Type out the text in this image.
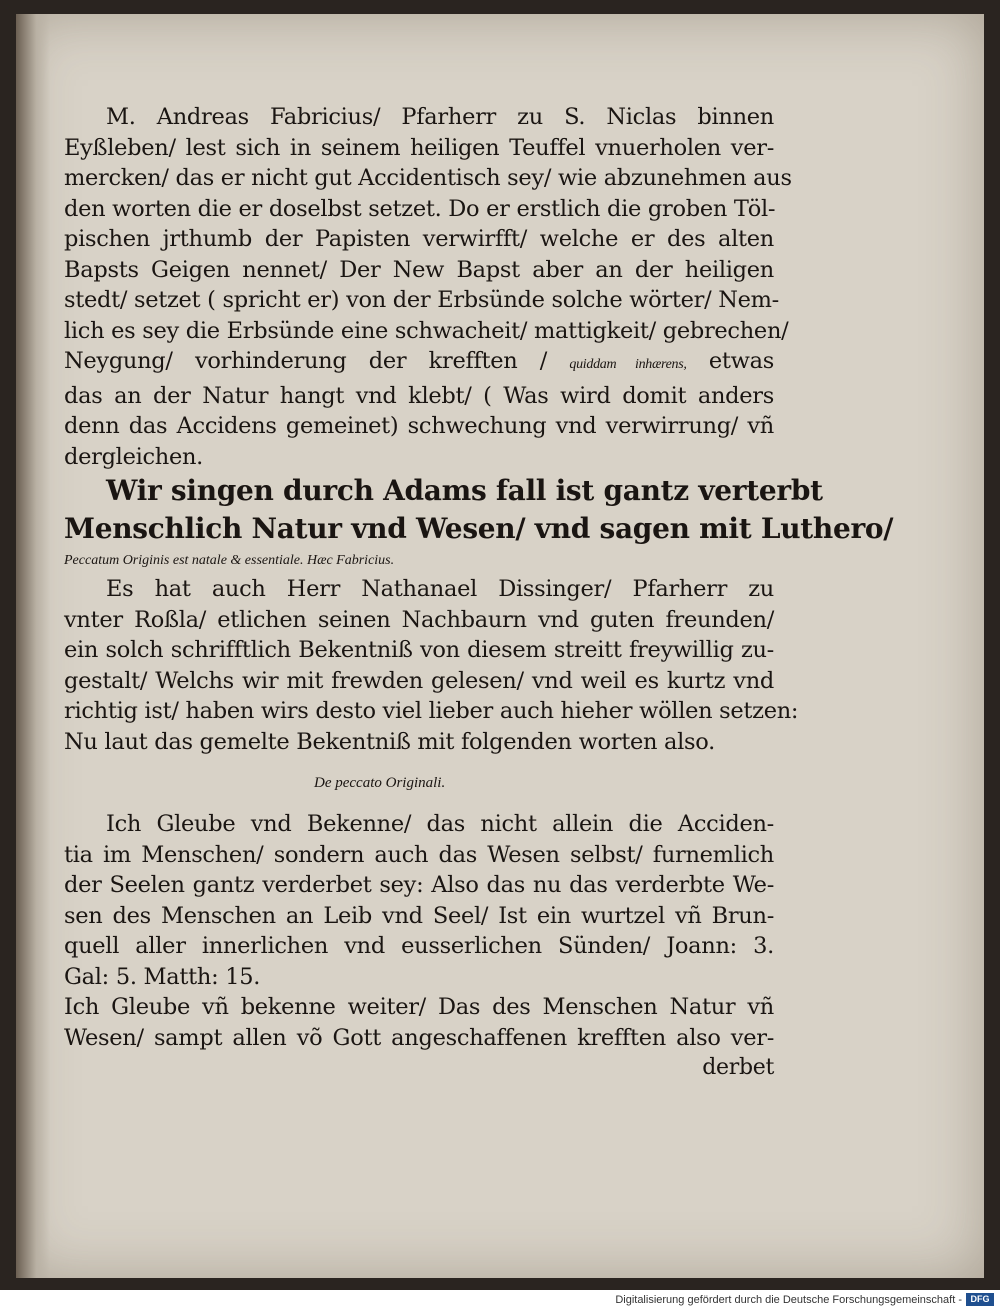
M. Andreas Fabricius/ Pfarherr zu S. Niclas binnen
Eyßleben/ lest sich in seinem heiligen Teuffel vnuerholen ver-
mercken/ das er nicht gut Accidentisch sey/ wie abzunehmen aus
den worten die er doselbst setzet. Do er erstlich die groben Töl-
pischen jrthumb der Papisten verwirfft/ welche er des alten
Bapsts Geigen nennet/ Der New Bapst aber an der heiligen
stedt/ setzet ( spricht er) von der Erbsünde solche wörter/ Nem-
lich es sey die Erbsünde eine schwacheit/ mattigkeit/ gebrechen/
Neygung/ vorhinderung der krefften / quiddam inhærens, etwas
das an der Natur hangt vnd klebt/ ( Was wird domit anders
denn das Accidens gemeinet) schwechung vnd verwirrung/ vñ
dergleichen.
Wir singen durch Adams fall ist gantz verterbt
Menschlich Natur vnd Wesen/ vnd sagen mit Luthero/
Peccatum Originis est natale & essentiale. Hæc Fabricius.
Es hat auch Herr Nathanael Dissinger/ Pfarherr zu
vnter Roßla/ etlichen seinen Nachbaurn vnd guten freunden/
ein solch schrifftlich Bekentniß von diesem streitt freywillig zu-
gestalt/ Welchs wir mit frewden gelesen/ vnd weil es kurtz vnd
richtig ist/ haben wirs desto viel lieber auch hieher wöllen setzen:
Nu laut das gemelte Bekentniß mit folgenden worten also.
De peccato Originali.
Ich Gleube vnd Bekenne/ das nicht allein die Acciden-
tia im Menschen/ sondern auch das Wesen selbst/ furnemlich
der Seelen gantz verderbet sey: Also das nu das verderbte We-
sen des Menschen an Leib vnd Seel/ Ist ein wurtzel vñ Brun-
quell aller innerlichen vnd eusserlichen Sünden/ Joann: 3.
Gal: 5. Matth: 15.
Ich Gleube vñ bekenne weiter/ Das des Menschen Natur vñ
Wesen/ sampt allen võ Gott angeschaffenen krefften also ver-
derbet

Digitalisierung gefördert durch die Deutsche Forschungsgemeinschaft - DFG
